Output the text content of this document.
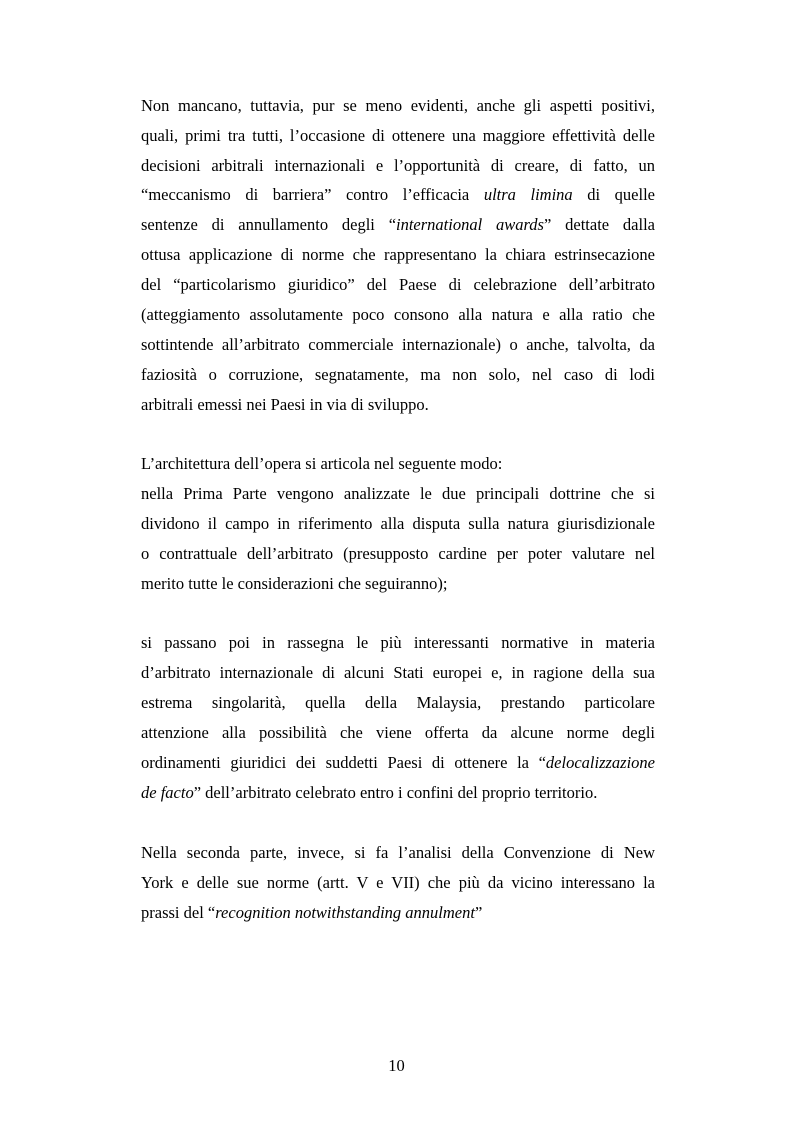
Non mancano, tuttavia, pur se meno evidenti, anche gli aspetti positivi,
quali, primi tra tutti, l’occasione di ottenere una maggiore effettività delle
decisioni arbitrali internazionali e l’opportunità di creare, di fatto, un
“meccanismo di barriera” contro l’efficacia ultra limina di quelle
sentenze di annullamento degli “international awards” dettate dalla
ottusa applicazione di norme che rappresentano la chiara estrinsecazione
del “particolarismo giuridico” del Paese di celebrazione dell’arbitrato
(atteggiamento assolutamente poco consono alla natura e alla ratio che
sottintende all’arbitrato commerciale internazionale) o anche, talvolta, da
faziosità o corruzione, segnatamente, ma non solo, nel caso di lodi
arbitrali emessi nei Paesi in via di sviluppo.
L’architettura dell’opera si articola nel seguente modo:
nella Prima Parte vengono analizzate le due principali dottrine che si
dividono il campo in riferimento alla disputa sulla natura giurisdizionale
o contrattuale dell’arbitrato (presupposto cardine per poter valutare nel
merito tutte le considerazioni che seguiranno);
si passano poi in rassegna le più interessanti normative in materia
d’arbitrato internazionale di alcuni Stati europei e, in ragione della sua
estrema singolarità, quella della Malaysia, prestando particolare
attenzione alla possibilità che viene offerta da alcune norme degli
ordinamenti giuridici dei suddetti Paesi di ottenere la “delocalizzazione
de facto” dell’arbitrato celebrato entro i confini del proprio territorio.
Nella seconda parte, invece, si fa l’analisi della Convenzione di New
York e delle sue norme (artt. V e VII) che più da vicino interessano la
prassi del “recognition notwithstanding annulment”
10
